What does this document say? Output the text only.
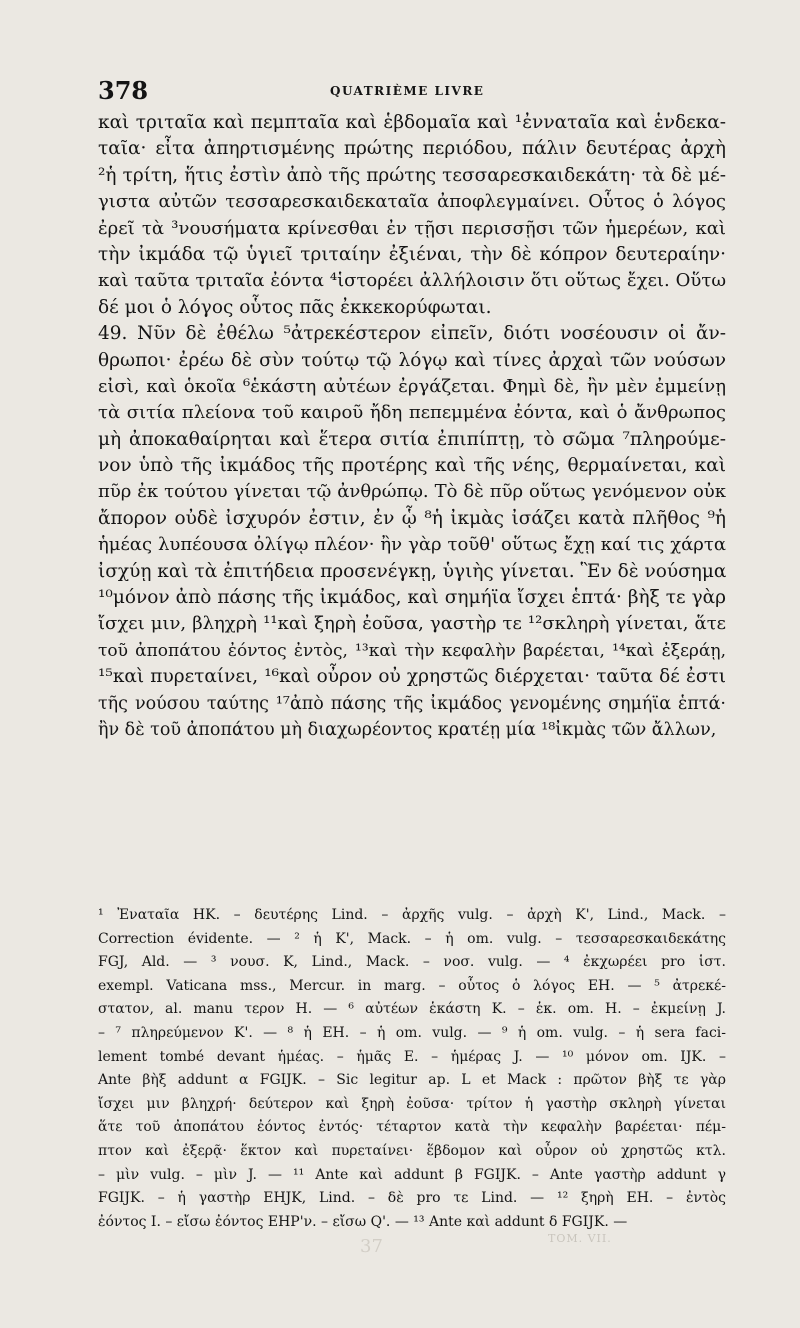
378	QUATRIÈME LIVRE
καὶ τριταῖα καὶ πεμπταῖα καὶ ἑβδομαῖα καὶ ¹ἐνναταῖα καὶ ἑνδεκα-
ταῖα· εἶτα ἀπηρτισμένης πρώτης περιόδου, πάλιν δευτέρας ἀρχὴ
²ἡ τρίτη, ἥτις ἐστὶν ἀπὸ τῆς πρώτης τεσσαρεσκαιδεκάτη· τὰ δὲ μέ-
γιστα αὐτῶν τεσσαρεσκαιδεκαταῖα ἀποφλεγμαίνει. Οὗτος ὁ λόγος
ἐρεῖ τὰ ³νουσήματα κρίνεσθαι ἐν τῇσι περισσῇσι τῶν ἡμερέων, καὶ
τὴν ἰκμάδα τῷ ὑγιεῖ τριταίην ἐξιέναι, τὴν δὲ κόπρον δευτεραίην·
καὶ ταῦτα τριταῖα ἐόντα ⁴ἱστορέει ἀλλήλοισιν ὅτι οὕτως ἔχει. Οὕτω
δέ μοι ὁ λόγος οὗτος πᾶς ἐκκεκορύφωται.
49. Νῦν δὲ ἐθέλω ⁵ἀτρεκέστερον εἰπεῖν, διότι νοσέουσιν οἱ ἄν-
θρωποι· ἐρέω δὲ σὺν τούτῳ τῷ λόγῳ καὶ τίνες ἀρχαὶ τῶν νούσων
εἰσὶ, καὶ ὁκοῖα ⁶ἑκάστη αὐτέων ἐργάζεται. Φημὶ δὲ, ἢν μὲν ἐμμείνῃ
τὰ σιτία πλείονα τοῦ καιροῦ ἤδη πεπεμμένα ἐόντα, καὶ ὁ ἄνθρωπος
μὴ ἀποκαθαίρηται καὶ ἕτερα σιτία ἐπιπίπτῃ, τὸ σῶμα ⁷πληρούμε-
νον ὑπὸ τῆς ἰκμάδος τῆς προτέρης καὶ τῆς νέης, θερμαίνεται, καὶ
πῦρ ἐκ τούτου γίνεται τῷ ἀνθρώπῳ. Τὸ δὲ πῦρ οὕτως γενόμενον οὐκ
ἄπορον οὐδὲ ἰσχυρόν ἐστιν, ἐν ᾧ ⁸ἡ ἰκμὰς ἰσάζει κατὰ πλῆθος ⁹ἡ
ἡμέας λυπέουσα ὀλίγῳ πλέον· ἢν γὰρ τοῦθ' οὕτως ἔχῃ καί τις χάρτα
ἰσχύῃ καὶ τὰ ἐπιτήδεια προσενέγκῃ, ὑγιὴς γίνεται. Ἓν δὲ νούσημα
¹⁰μόνον ἀπὸ πάσης τῆς ἰκμάδος, καὶ σημήϊα ἴσχει ἑπτά· βὴξ τε γὰρ
ἴσχει μιν, βληχρὴ ¹¹καὶ ξηρὴ ἐοῦσα, γαστὴρ τε ¹²σκληρὴ γίνεται, ἅτε
τοῦ ἀποπάτου ἐόντος ἐντὸς, ¹³καὶ τὴν κεφαλὴν βαρέεται, ¹⁴καὶ ἐξεράῃ,
¹⁵καὶ πυρεταίνει, ¹⁶καὶ οὖρον οὐ χρηστῶς διέρχεται· ταῦτα δέ ἐστι
τῆς νούσου ταύτης ¹⁷ἀπὸ πάσης τῆς ἰκμάδος γενομένης σημήϊα ἑπτά·
ἢν δὲ τοῦ ἀποπάτου μὴ διαχωρέοντος κρατέῃ μία ¹⁸ἰκμὰς τῶν ἄλλων,
¹ Ἐναταῖα HK. – δευτέρης Lind. – ἀρχῆς vulg. – ἀρχὴ K', Lind., Mack. –
Correction évidente. — ² ἡ K', Mack. – ἡ om. vulg. – τεσσαρεσκαιδεκάτης
FGJ, Ald. — ³ νουσ. K, Lind., Mack. – νοσ. vulg. — ⁴ ἐκχωρέει pro ἱστ.
exempl. Vaticana mss., Mercur. in marg. – οὗτος ὁ λόγος EH. — ⁵ ἀτρεκέ-
στατον, al. manu τερον H. — ⁶ αὐτέων ἑκάστη K. – ἑκ. om. H. – ἐκμείνῃ J.
– ⁷ πληρεύμενον K'. — ⁸ ἡ EH. – ἡ om. vulg. — ⁹ ἡ om. vulg. – ἡ sera faci-
lement tombé devant ἡμέας. – ἡμᾶς E. – ἡμέρας J. — ¹⁰ μόνον om. IJK. –
Ante βὴξ addunt α FGIJK. – Sic legitur ap. L et Mack : πρῶτον βὴξ τε γὰρ
ἴσχει μιν βληχρή· δεύτερον καὶ ξηρὴ ἐοῦσα· τρίτον ἡ γαστὴρ σκληρὴ γίνεται
ἅτε τοῦ ἀποπάτου ἐόντος ἐντός· τέταρτον κατὰ τὴν κεφαλὴν βαρέεται· πέμ-
πτον καὶ ἐξερᾷ· ἕκτον καὶ πυρεταίνει· ἕβδομον καὶ οὖρον οὐ χρηστῶς κτλ.
– μὶν vulg. – μὶν J. — ¹¹ Ante καὶ addunt β FGIJK. – Ante γαστὴρ addunt γ
FGIJK. – ἡ γαστὴρ EHJK, Lind. – δὲ pro τε Lind. — ¹² ξηρὴ EH. – ἐντὸς
ἐόντος I. – εἴσω ἐόντος EHP'ν. – εἴσω Q'. — ¹³ Ante καὶ addunt δ FGIJK. —
37	TOM. VII.
